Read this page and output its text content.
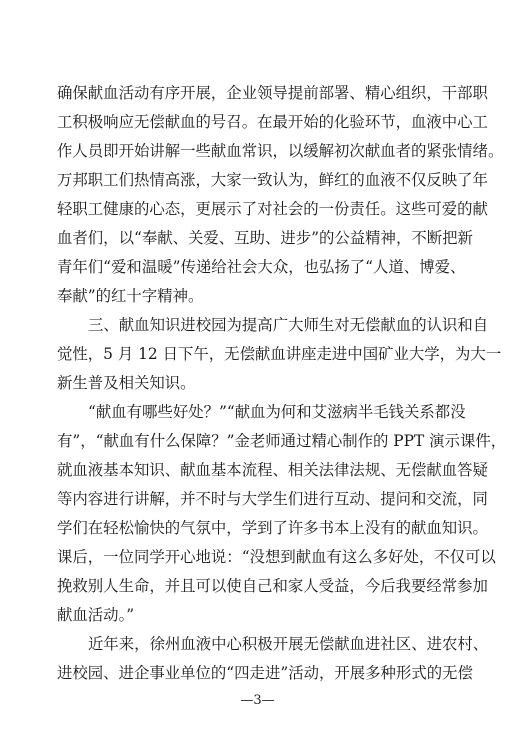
确保献血活动有序开展，企业领导提前部署、精心组织，干部职
工积极响应无偿献血的号召。在最开始的化验环节，血液中心工
作人员即开始讲解一些献血常识，以缓解初次献血者的紧张情绪。
万邦职工们热情高涨，大家一致认为，鲜红的血液不仅反映了年
轻职工健康的心态，更展示了对社会的一份责任。这些可爱的献
血者们，以“奉献、关爱、互助、进步”的公益精神，不断把新
青年们“爱和温暖”传递给社会大众，也弘扬了“人道、博爱、
奉献”的红十字精神。
三、献血知识进校园为提高广大师生对无偿献血的认识和自
觉性，5 月 12 日下午，无偿献血讲座走进中国矿业大学，为大一
新生普及相关知识。
“献血有哪些好处？”“献血为何和艾滋病半毛钱关系都没
有”，“献血有什么保障？”金老师通过精心制作的 PPT 演示课件，
就血液基本知识、献血基本流程、相关法律法规、无偿献血答疑
等内容进行讲解，并不时与大学生们进行互动、提问和交流，同
学们在轻松愉快的气氛中，学到了许多书本上没有的献血知识。
课后，一位同学开心地说：“没想到献血有这么多好处，不仅可以
挽救别人生命，并且可以使自己和家人受益，今后我要经常参加
献血活动。”
近年来，徐州血液中心积极开展无偿献血进社区、进农村、
进校园、进企事业单位的“四走进”活动，开展多种形式的无偿
—3—
